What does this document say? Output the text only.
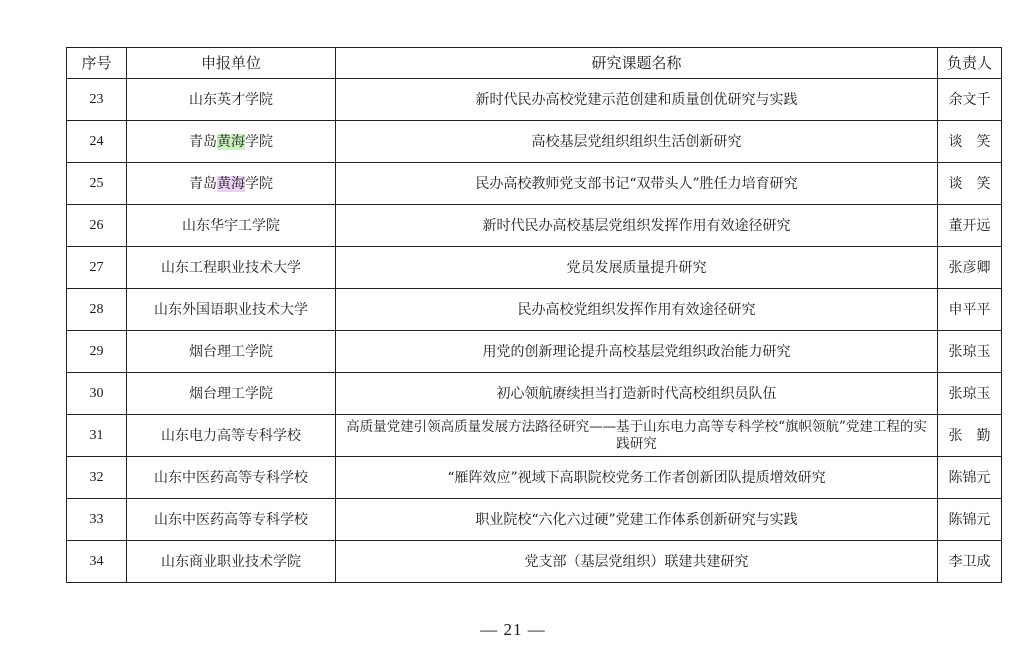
序号	申报单位	研究课题名称	负责人
23	山东英才学院	新时代民办高校党建示范创建和质量创优研究与实践	余文千
24	青岛黄海学院	高校基层党组织组织生活创新研究	谈　笑
25	青岛黄海学院	民办高校教师党支部书记“双带头人”胜任力培育研究	谈　笑
26	山东华宇工学院	新时代民办高校基层党组织发挥作用有效途径研究	董开远
27	山东工程职业技术大学	党员发展质量提升研究	张彦卿
28	山东外国语职业技术大学	民办高校党组织发挥作用有效途径研究	申平平
29	烟台理工学院	用党的创新理论提升高校基层党组织政治能力研究	张琼玉
30	烟台理工学院	初心领航赓续担当打造新时代高校组织员队伍	张琼玉
31	山东电力高等专科学校	高质量党建引领高质量发展方法路径研究——基于山东电力高等专科学校“旗帜领航”党建工程的实践研究	张　勤
32	山东中医药高等专科学校	“雁阵效应”视域下高职院校党务工作者创新团队提质增效研究	陈锦元
33	山东中医药高等专科学校	职业院校“六化六过硬”党建工作体系创新研究与实践	陈锦元
34	山东商业职业技术学院	党支部（基层党组织）联建共建研究	李卫成
— 21 —
